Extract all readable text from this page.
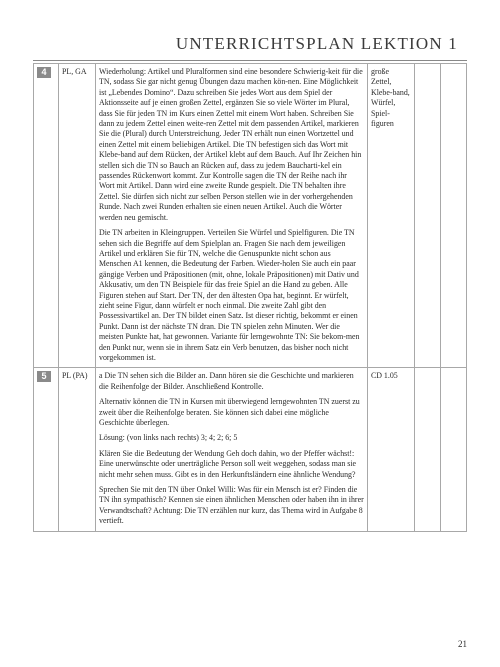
UNTERRICHTSPLAN LEKTION 1
4	PL, GA	Wiederholung: Artikel und Pluralformen sind eine besondere Schwierig-keit für die TN, sodass Sie gar nicht genug Übungen dazu machen kön-nen. Eine Möglichkeit ist „Lebendes Domino“. Dazu schreiben Sie jedes Wort aus dem Spiel der Aktionsseite auf je einen großen Zettel, ergänzen Sie so viele Wörter im Plural, dass Sie für jeden TN im Kurs einen Zettel mit einem Wort haben. Schreiben Sie dann zu jedem Zettel einen weite-ren Zettel mit dem passenden Artikel, markieren Sie die (Plural) durch Unterstreichung. Jeder TN erhält nun einen Wortzettel und einen Zettel mit einem beliebigen Artikel. Die TN befestigen sich das Wort mit Klebe-band auf dem Rücken, der Artikel klebt auf dem Bauch. Auf Ihr Zeichen hin stellen sich die TN so Bauch an Rücken auf, dass zu jedem Baucharti-kel ein passendes Rückenwort kommt. Zur Kontrolle sagen die TN der Reihe nach ihr Wort mit Artikel. Dann wird eine zweite Runde gespielt. Die TN behalten ihre Zettel. Sie dürfen sich nicht zur selben Person stellen wie in der vorhergehenden Runde. Nach zwei Runden erhalten sie einen neuen Artikel. Auch die Wörter werden neu gemischt.

Die TN arbeiten in Kleingruppen. Verteilen Sie Würfel und Spielfiguren. Die TN sehen sich die Begriffe auf dem Spielplan an. Fragen Sie nach dem jeweiligen Artikel und erklären Sie für TN, welche die Genuspunkte nicht schon aus Menschen A1 kennen, die Bedeutung der Farben. Wieder-holen Sie auch ein paar gängige Verben und Präpositionen (mit, ohne, lokale Präpositionen) mit Dativ und Akkusativ, um den TN Beispiele für das freie Spiel an die Hand zu geben. Alle Figuren stehen auf Start. Der TN, der den ältesten Opa hat, beginnt. Er würfelt, zieht seine Figur, dann würfelt er noch einmal. Die zweite Zahl gibt den Possessivartikel an. Der TN bildet einen Satz. Ist dieser richtig, bekommt er einen Punkt. Dann ist der nächste TN dran. Die TN spielen zehn Minuten. Wer die meisten Punkte hat, hat gewonnen. Variante für lerngewohnte TN: Sie bekom-men den Punkt nur, wenn sie in ihrem Satz ein Verb benutzen, das bisher noch nicht vorgekommen ist.	große Zettel, Klebe-band, Würfel, Spiel-figuren		
5	PL (PA)	a Die TN sehen sich die Bilder an. Dann hören sie die Geschichte und markieren die Reihenfolge der Bilder. Anschließend Kontrolle.

Alternativ können die TN in Kursen mit überwiegend lerngewohnten TN zuerst zu zweit über die Reihenfolge beraten. Sie können sich dabei eine mögliche Geschichte überlegen.

Lösung: (von links nach rechts) 3; 4; 2; 6; 5

Klären Sie die Bedeutung der Wendung Geh doch dahin, wo der Pfeffer wächst!: Eine unerwünschte oder unerträgliche Person soll weit weggehen, sodass man sie nicht mehr sehen muss. Gibt es in den Herkunftsländern eine ähnliche Wendung?

Sprechen Sie mit den TN über Onkel Willi: Was für ein Mensch ist er? Finden die TN ihn sympathisch? Kennen sie einen ähnlichen Menschen oder haben ihn in ihrer Verwandtschaft? Achtung: Die TN erzählen nur kurz, das Thema wird in Aufgabe 8 vertieft.	CD 1.05		
21
